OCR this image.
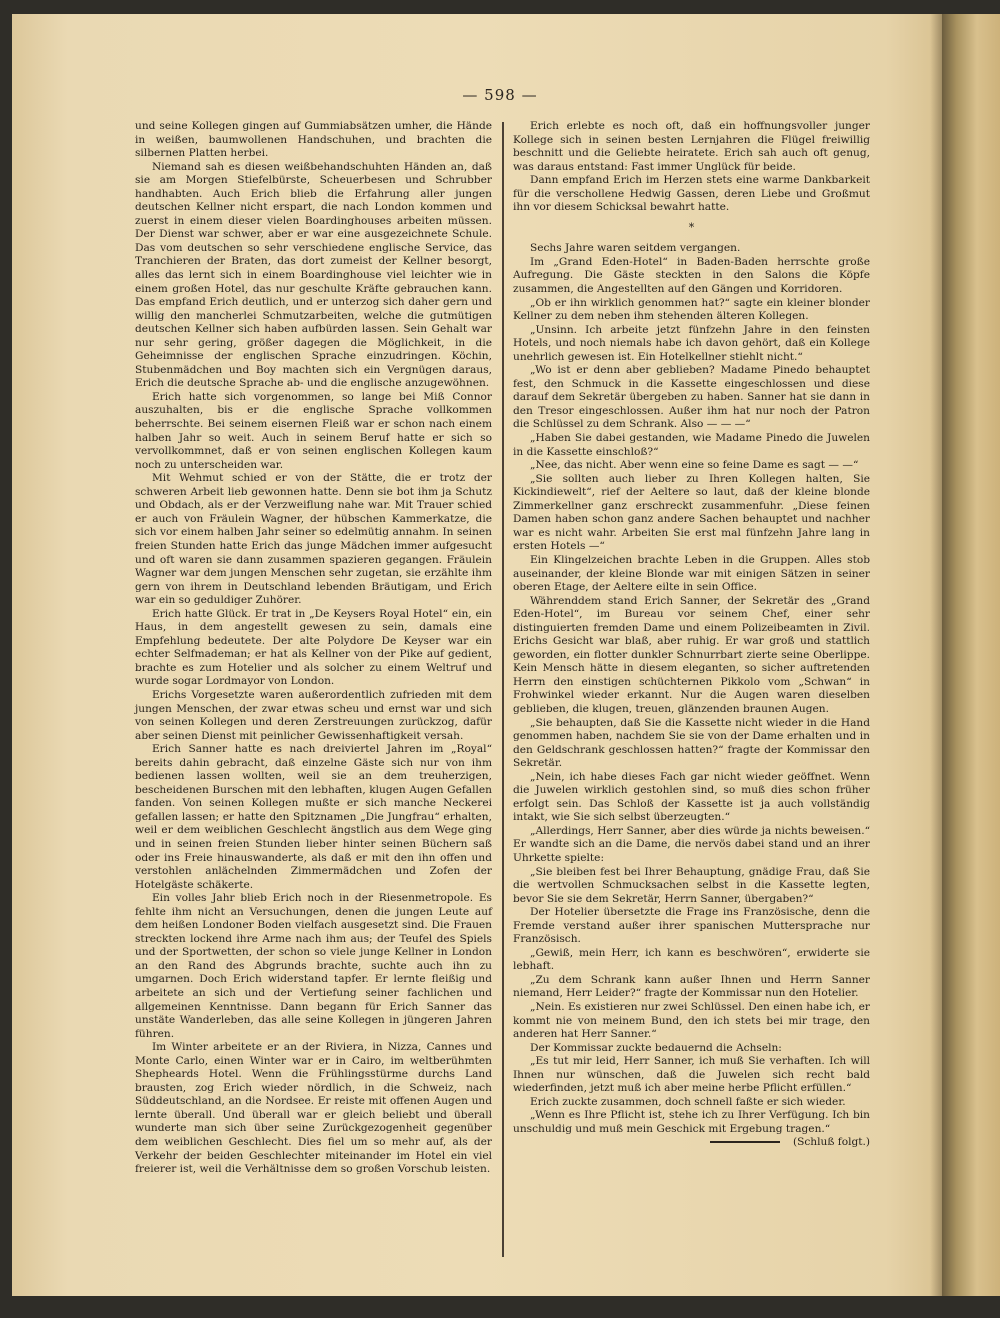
— 598 —

und seine Kollegen gingen auf Gummiabsätzen umher, die Hände in weißen, baumwollenen Handschuhen, und brachten die silbernen Platten herbei.

Niemand sah es diesen weißbehandschuhten Händen an, daß sie am Morgen Stiefelbürste, Scheuerbesen und Schrubber handhabten. Auch Erich blieb die Erfahrung aller jungen deutschen Kellner nicht erspart, die nach London kommen und zuerst in einem dieser vielen Boardinghouses arbeiten müssen. Der Dienst war schwer, aber er war eine ausgezeichnete Schule. Das vom deutschen so sehr verschiedene englische Service, das Tranchieren der Braten, das dort zumeist der Kellner besorgt, alles das lernt sich in einem Boardinghouse viel leichter wie in einem großen Hotel, das nur geschulte Kräfte gebrauchen kann. Das empfand Erich deutlich, und er unterzog sich daher gern und willig den mancherlei Schmutzarbeiten, welche die gutmütigen deutschen Kellner sich haben aufbürden lassen. Sein Gehalt war nur sehr gering, größer dagegen die Möglichkeit, in die Geheimnisse der englischen Sprache einzudringen. Köchin, Stubenmädchen und Boy machten sich ein Vergnügen daraus, Erich die deutsche Sprache ab- und die englische anzugewöhnen.

Erich hatte sich vorgenommen, so lange bei Miß Connor auszuhalten, bis er die englische Sprache vollkommen beherrschte. Bei seinem eisernen Fleiß war er schon nach einem halben Jahr so weit. Auch in seinem Beruf hatte er sich so vervollkommnet, daß er von seinen englischen Kollegen kaum noch zu unterscheiden war.

Mit Wehmut schied er von der Stätte, die er trotz der schweren Arbeit lieb gewonnen hatte. Denn sie bot ihm ja Schutz und Obdach, als er der Verzweiflung nahe war. Mit Trauer schied er auch von Fräulein Wagner, der hübschen Kammerkatze, die sich vor einem halben Jahr seiner so edelmütig annahm. In seinen freien Stunden hatte Erich das junge Mädchen immer aufgesucht und oft waren sie dann zusammen spazieren gegangen. Fräulein Wagner war dem jungen Menschen sehr zugetan, sie erzählte ihm gern von ihrem in Deutschland lebenden Bräutigam, und Erich war ein so geduldiger Zuhörer.

Erich hatte Glück. Er trat in „De Keysers Royal Hotel“ ein, ein Haus, in dem angestellt gewesen zu sein, damals eine Empfehlung bedeutete. Der alte Polydore De Keyser war ein echter Selfmademan; er hat als Kellner von der Pike auf gedient, brachte es zum Hotelier und als solcher zu einem Weltruf und wurde sogar Lordmayor von London.

Erichs Vorgesetzte waren außerordentlich zufrieden mit dem jungen Menschen, der zwar etwas scheu und ernst war und sich von seinen Kollegen und deren Zerstreuungen zurückzog, dafür aber seinen Dienst mit peinlicher Gewissenhaftigkeit versah.

Erich Sanner hatte es nach dreiviertel Jahren im „Royal“ bereits dahin gebracht, daß einzelne Gäste sich nur von ihm bedienen lassen wollten, weil sie an dem treuherzigen, bescheidenen Burschen mit den lebhaften, klugen Augen Gefallen fanden. Von seinen Kollegen mußte er sich manche Neckerei gefallen lassen; er hatte den Spitznamen „Die Jungfrau“ erhalten, weil er dem weiblichen Geschlecht ängstlich aus dem Wege ging und in seinen freien Stunden lieber hinter seinen Büchern saß oder ins Freie hinauswanderte, als daß er mit den ihn offen und verstohlen anlächelnden Zimmermädchen und Zofen der Hotelgäste schäkerte.

Ein volles Jahr blieb Erich noch in der Riesenmetropole. Es fehlte ihm nicht an Versuchungen, denen die jungen Leute auf dem heißen Londoner Boden vielfach ausgesetzt sind. Die Frauen streckten lockend ihre Arme nach ihm aus; der Teufel des Spiels und der Sportwetten, der schon so viele junge Kellner in London an den Rand des Abgrunds brachte, suchte auch ihn zu umgarnen. Doch Erich widerstand tapfer. Er lernte fleißig und arbeitete an sich und der Vertiefung seiner fachlichen und allgemeinen Kenntnisse. Dann begann für Erich Sanner das unstäte Wanderleben, das alle seine Kollegen in jüngeren Jahren führen.

Im Winter arbeitete er an der Riviera, in Nizza, Cannes und Monte Carlo, einen Winter war er in Cairo, im weltberühmten Shepheards Hotel. Wenn die Frühlingsstürme durchs Land brausten, zog Erich wieder nördlich, in die Schweiz, nach Süddeutschland, an die Nordsee. Er reiste mit offenen Augen und lernte überall. Und überall war er gleich beliebt und überall wunderte man sich über seine Zurückgezogenheit gegenüber dem weiblichen Geschlecht. Dies fiel um so mehr auf, als der Verkehr der beiden Geschlechter miteinander im Hotel ein viel freierer ist, weil die Verhältnisse dem so großen Vorschub leisten.

Erich erlebte es noch oft, daß ein hoffnungsvoller junger Kollege sich in seinen besten Lernjahren die Flügel freiwillig beschnitt und die Geliebte heiratete. Erich sah auch oft genug, was daraus entstand: Fast immer Unglück für beide.

Dann empfand Erich im Herzen stets eine warme Dankbarkeit für die verschollene Hedwig Gassen, deren Liebe und Großmut ihn vor diesem Schicksal bewahrt hatte.

*

Sechs Jahre waren seitdem vergangen.

Im „Grand Eden-Hotel“ in Baden-Baden herrschte große Aufregung. Die Gäste steckten in den Salons die Köpfe zusammen, die Angestellten auf den Gängen und Korridoren.

„Ob er ihn wirklich genommen hat?“ sagte ein kleiner blonder Kellner zu dem neben ihm stehenden älteren Kollegen.

„Unsinn. Ich arbeite jetzt fünfzehn Jahre in den feinsten Hotels, und noch niemals habe ich davon gehört, daß ein Kollege unehrlich gewesen ist. Ein Hotelkellner stiehlt nicht.“

„Wo ist er denn aber geblieben? Madame Pinedo behauptet fest, den Schmuck in die Kassette eingeschlossen und diese darauf dem Sekretär übergeben zu haben. Sanner hat sie dann in den Tresor eingeschlossen. Außer ihm hat nur noch der Patron die Schlüssel zu dem Schrank. Also — — —“

„Haben Sie dabei gestanden, wie Madame Pinedo die Juwelen in die Kassette einschloß?“

„Nee, das nicht. Aber wenn eine so feine Dame es sagt — —“

„Sie sollten auch lieber zu Ihren Kollegen halten, Sie Kickindiewelt“, rief der Aeltere so laut, daß der kleine blonde Zimmerkellner ganz erschreckt zusammenfuhr. „Diese feinen Damen haben schon ganz andere Sachen behauptet und nachher war es nicht wahr. Arbeiten Sie erst mal fünfzehn Jahre lang in ersten Hotels —“

Ein Klingelzeichen brachte Leben in die Gruppen. Alles stob auseinander, der kleine Blonde war mit einigen Sätzen in seiner oberen Etage, der Aeltere eilte in sein Office.

Währenddem stand Erich Sanner, der Sekretär des „Grand Eden-Hotel“, im Bureau vor seinem Chef, einer sehr distinguierten fremden Dame und einem Polizeibeamten in Zivil. Erichs Gesicht war blaß, aber ruhig. Er war groß und stattlich geworden, ein flotter dunkler Schnurrbart zierte seine Oberlippe. Kein Mensch hätte in diesem eleganten, so sicher auftretenden Herrn den einstigen schüchternen Pikkolo vom „Schwan“ in Frohwinkel wieder erkannt. Nur die Augen waren dieselben geblieben, die klugen, treuen, glänzenden braunen Augen.

„Sie behaupten, daß Sie die Kassette nicht wieder in die Hand genommen haben, nachdem Sie sie von der Dame erhalten und in den Geldschrank geschlossen hatten?“ fragte der Kommissar den Sekretär.

„Nein, ich habe dieses Fach gar nicht wieder geöffnet. Wenn die Juwelen wirklich gestohlen sind, so muß dies schon früher erfolgt sein. Das Schloß der Kassette ist ja auch vollständig intakt, wie Sie sich selbst überzeugten.“

„Allerdings, Herr Sanner, aber dies würde ja nichts beweisen.“ Er wandte sich an die Dame, die nervös dabei stand und an ihrer Uhrkette spielte:

„Sie bleiben fest bei Ihrer Behauptung, gnädige Frau, daß Sie die wertvollen Schmucksachen selbst in die Kassette legten, bevor Sie sie dem Sekretär, Herrn Sanner, übergaben?“

Der Hotelier übersetzte die Frage ins Französische, denn die Fremde verstand außer ihrer spanischen Muttersprache nur Französisch.

„Gewiß, mein Herr, ich kann es beschwören“, erwiderte sie lebhaft.

„Zu dem Schrank kann außer Ihnen und Herrn Sanner niemand, Herr Leider?“ fragte der Kommissar nun den Hotelier.

„Nein. Es existieren nur zwei Schlüssel. Den einen habe ich, er kommt nie von meinem Bund, den ich stets bei mir trage, den anderen hat Herr Sanner.“

Der Kommissar zuckte bedauernd die Achseln:

„Es tut mir leid, Herr Sanner, ich muß Sie verhaften. Ich will Ihnen nur wünschen, daß die Juwelen sich recht bald wiederfinden, jetzt muß ich aber meine herbe Pflicht erfüllen.“

Erich zuckte zusammen, doch schnell faßte er sich wieder.

„Wenn es Ihre Pflicht ist, stehe ich zu Ihrer Verfügung. Ich bin unschuldig und muß mein Geschick mit Ergebung tragen.“

(Schluß folgt.)
